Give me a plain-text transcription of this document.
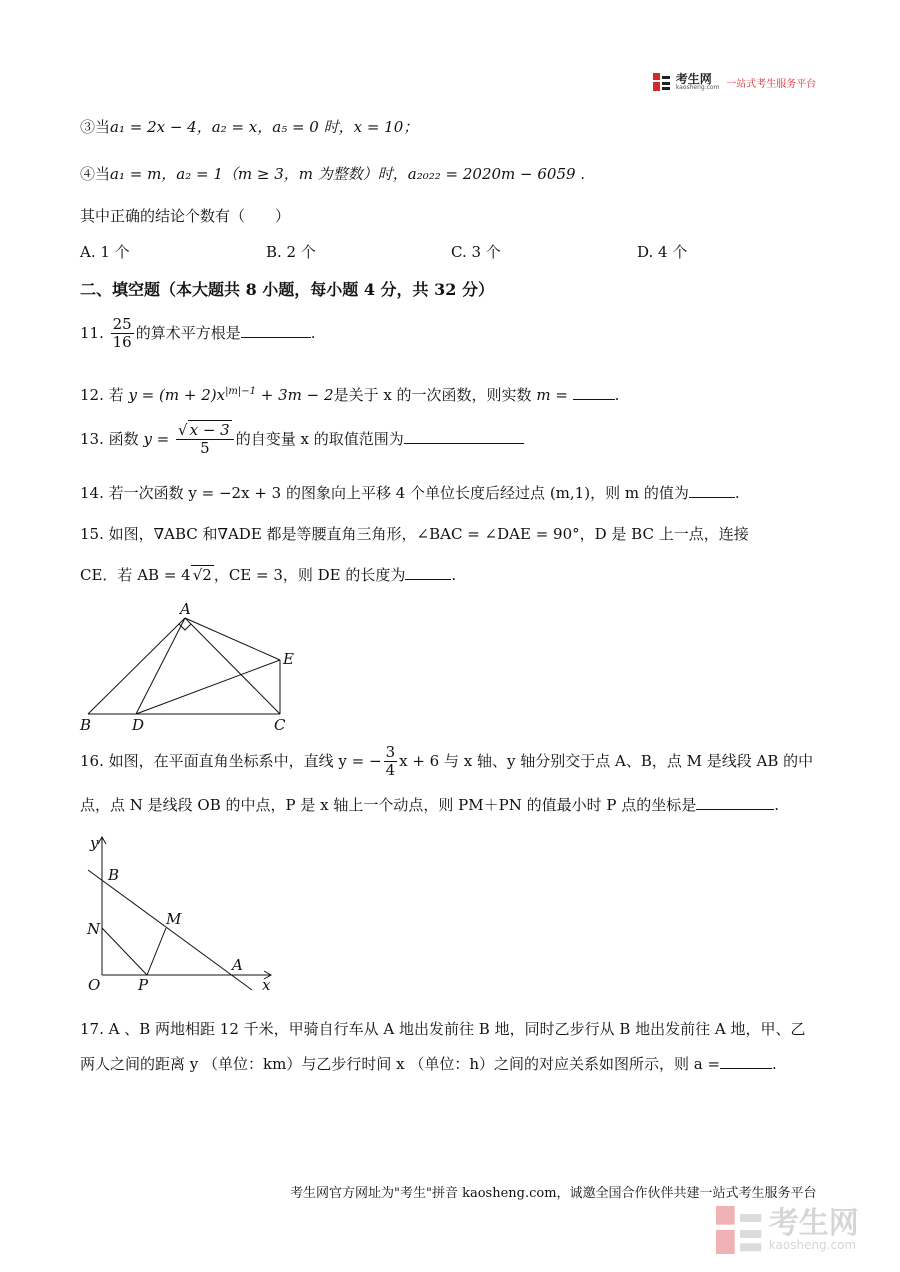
考生网
kaosheng.com 一站式考生服务平台
③当a₁ = 2x − 4，a₂ = x，a₅ = 0 时，x = 10；
④当a₁ = m，a₂ = 1（m ≥ 3，m 为整数）时，a₂₀₂₂ = 2020m − 6059 .
其中正确的结论个数有（　　）
A. 1 个	B. 2 个	C. 3 个	D. 4 个
二、填空题（本大题共 8 小题，每小题 4 分，共 32 分）
11. $\frac{25}{16}$ 的算术平方根是	.
12. 若 $y = (m + 2)x^{|m|-1} + 3m - 2$是关于 x 的一次函数，则实数 m =	.
13. 函数 $y = \frac{√ x - 3}{5}$ 的自变量 x 的取值范围为
14. 若一次函数 y = −2x + 3 的图象向上平移 4 个单位长度后经过点 (m,1)，则 m 的值为	.
15. 如图，∇ABC 和∇ADE 都是等腰直角三角形，∠BAC = ∠DAE = 90°，D 是 BC 上一点，连接
CE．若 AB = 4 √2 ，CE = 3，则 DE 的长度为	.
A
B	C
D
E
16. 如图，在平面直角坐标系中，直线 y = − $\frac{3}{4}$ x + 6 与 x 轴、y 轴分别交于点 A、B，点 M 是线段 AB 的中
点，点 N 是线段 OB 的中点，P 是 x 轴上一个动点，则 PM＋PN 的值最小时 P 点的坐标是	.
y
B
N
M
O	P
A
x
17. A 、B 两地相距 12 千米，甲骑自行车从 A 地出发前往 B 地，同时乙步行从 B 地出发前往 A 地，甲、乙
两人之间的距离 y （单位：km）与乙步行时间 x （单位：h）之间的对应关系如图所示，则 a =	.
考生网官方网址为"考生"拼音 kaosheng.com，诚邀全国合作伙伴共建一站式考生服务平台

考生网
kaosheng.com
